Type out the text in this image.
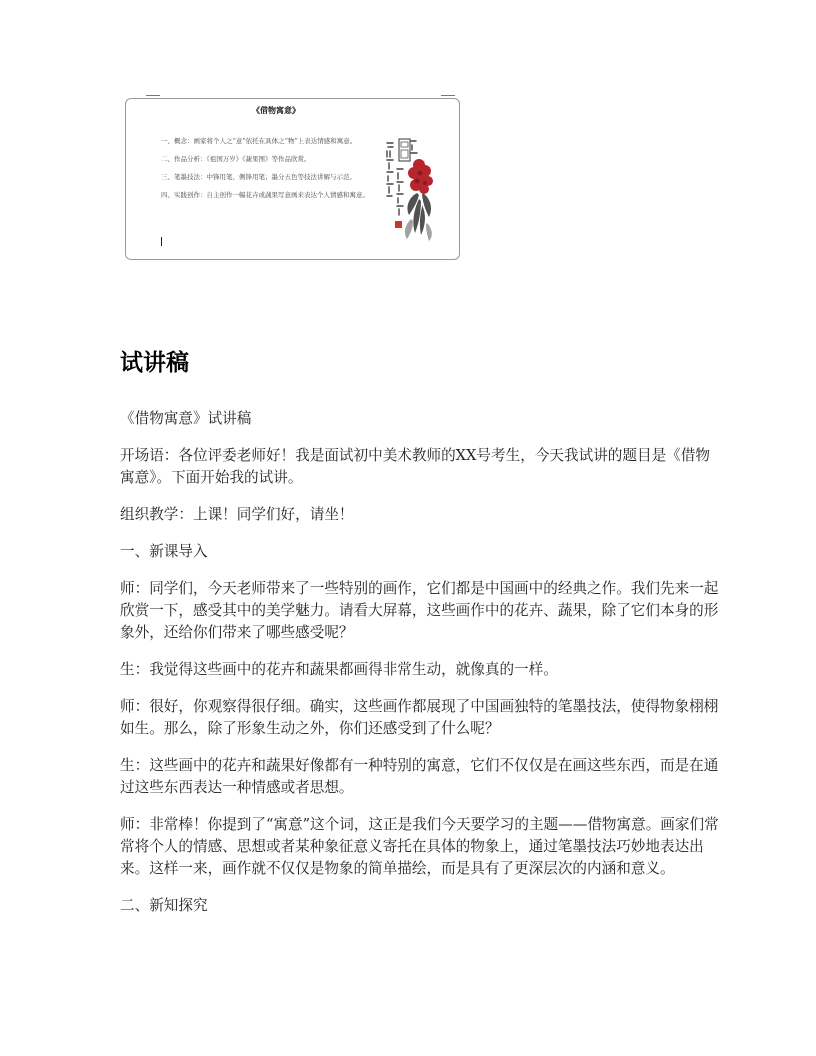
《借物寓意》

一、概念：画家将个人之“意”依托在具体之“物”上表达情感和寓意。

二、作品分析：《祖国万岁》《蔬果图》等作品欣赏。

三、笔墨技法：中锋用笔、侧锋用笔；墨分五色等技法讲解与示范。

四、实践创作：自主创作一幅花卉或蔬果写意画来表达个人情感和寓意。

试讲稿

《借物寓意》试讲稿

开场语：各位评委老师好！我是面试初中美术教师的XX号考生，今天我试讲的题目是《借物寓意》。下面开始我的试讲。

组织教学：上课！同学们好，请坐！

一、新课导入

师：同学们，今天老师带来了一些特别的画作，它们都是中国画中的经典之作。我们先来一起欣赏一下，感受其中的美学魅力。请看大屏幕，这些画作中的花卉、蔬果，除了它们本身的形象外，还给你们带来了哪些感受呢？

生：我觉得这些画中的花卉和蔬果都画得非常生动，就像真的一样。

师：很好，你观察得很仔细。确实，这些画作都展现了中国画独特的笔墨技法，使得物象栩栩如生。那么，除了形象生动之外，你们还感受到了什么呢？

生：这些画中的花卉和蔬果好像都有一种特别的寓意，它们不仅仅是在画这些东西，而是在通过这些东西表达一种情感或者思想。

师：非常棒！你提到了“寓意”这个词，这正是我们今天要学习的主题——借物寓意。画家们常常将个人的情感、思想或者某种象征意义寄托在具体的物象上，通过笔墨技法巧妙地表达出来。这样一来，画作就不仅仅是物象的简单描绘，而是具有了更深层次的内涵和意义。

二、新知探究
